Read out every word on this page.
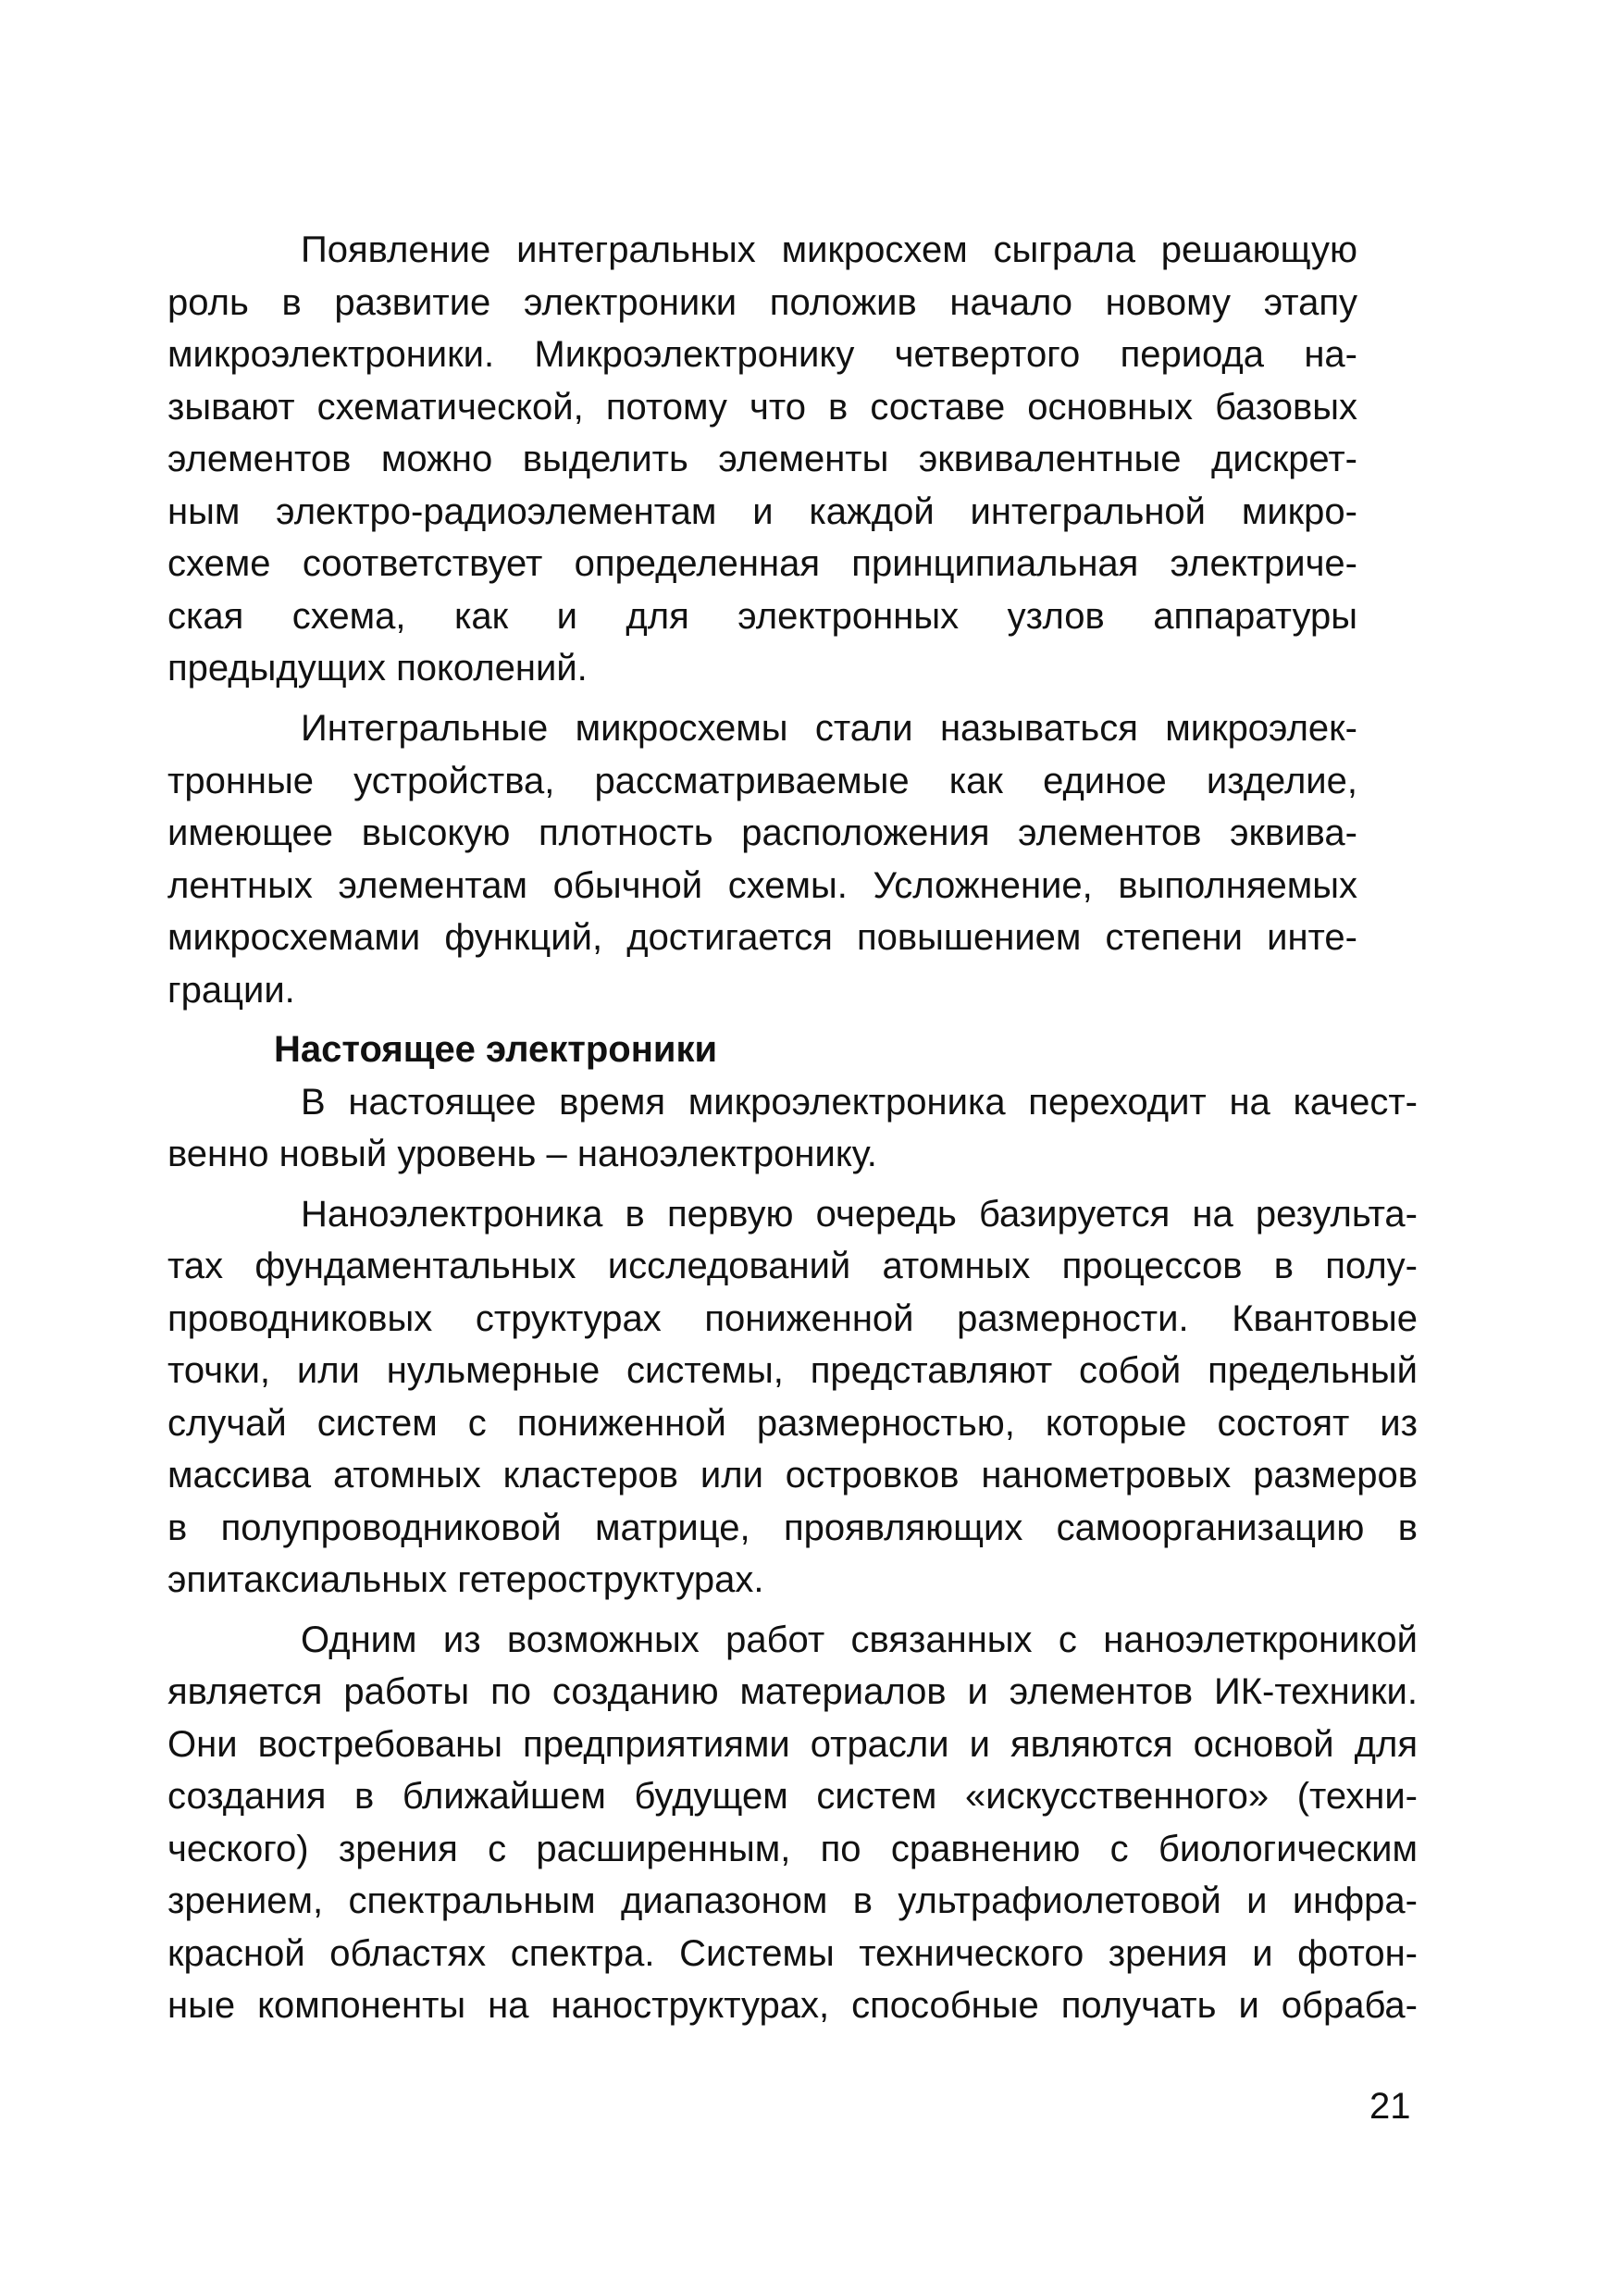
Появление интегральных микросхем сыграла решающую
роль в развитие электроники положив начало новому этапу
микроэлектроники. Микроэлектронику четвертого периода на-
зывают схематической, потому что в составе основных базовых
элементов можно выделить элементы эквивалентные дискрет-
ным электро-радиоэлементам и каждой интегральной микро-
схеме соответствует определенная принципиальная электриче-
ская схема, как и для электронных узлов аппаратуры
предыдущих поколений.
Интегральные микросхемы стали называться микроэлек-
тронные устройства, рассматриваемые как единое изделие,
имеющее высокую плотность расположения элементов эквива-
лентных элементам обычной схемы. Усложнение, выполняемых
микросхемами функций, достигается повышением степени инте-
грации.
Настоящее электроники
В настоящее время микроэлектроника переходит на качест-
венно новый уровень – наноэлектронику.
Наноэлектроника в первую очередь базируется на результа-
тах фундаментальных исследований атомных процессов в полу-
проводниковых структурах пониженной размерности. Квантовые
точки, или нульмерные системы, представляют собой предельный
случай систем с пониженной размерностью, которые состоят из
массива атомных кластеров или островков нанометровых размеров
в полупроводниковой матрице, проявляющих самоорганизацию в
эпитаксиальных гетероструктурах.
Одним из возможных работ связанных с наноэлеткроникой
является работы по созданию материалов и элементов ИК-техники.
Они востребованы предприятиями отрасли и являются основой для
создания в ближайшем будущем систем «искусственного» (техни-
ческого) зрения с расширенным, по сравнению с биологическим
зрением, спектральным диапазоном в ультрафиолетовой и инфра-
красной областях спектра. Системы технического зрения и фотон-
ные компоненты на наноструктурах, способные получать и обраба-
21
